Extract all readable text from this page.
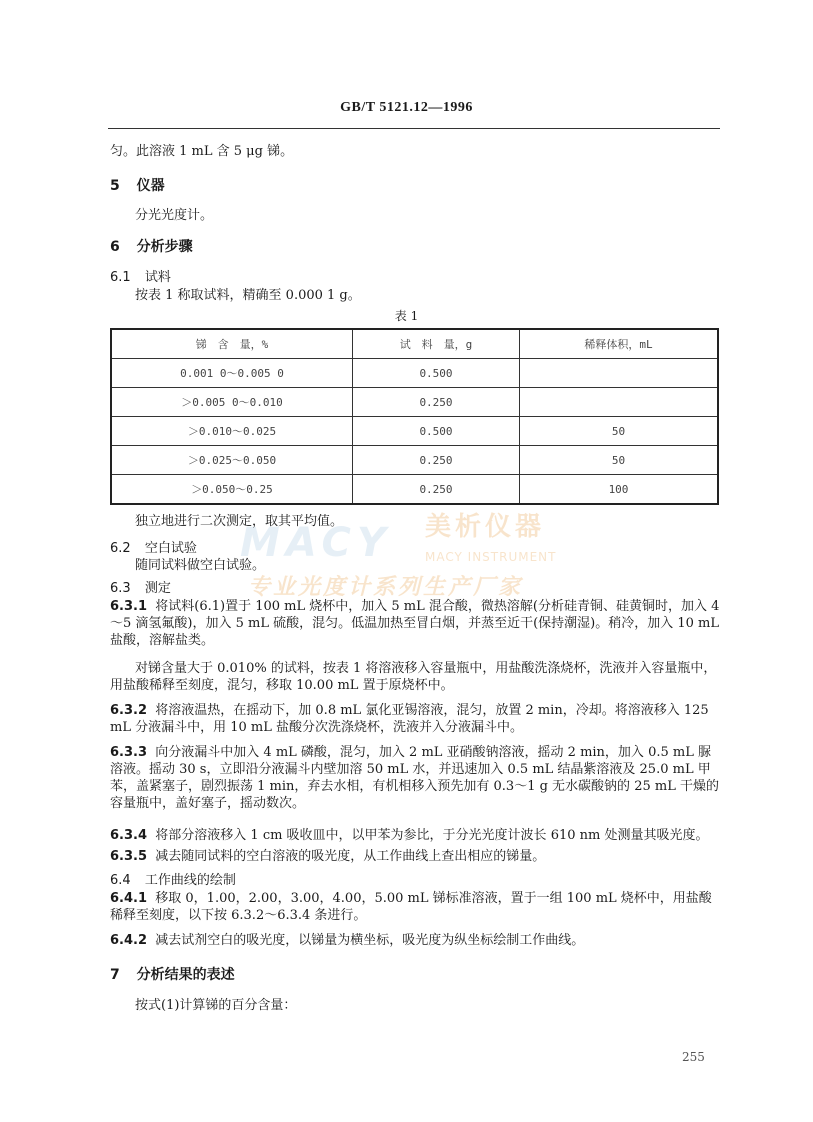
GB/T 5121.12—1996
匀。此溶液 1 mL 含 5 μg 锑。
5 仪器
分光光度计。
6 分析步骤
6.1 试料
按表 1 称取试料，精确至 0.000 1 g。
表 1
锑　含　量，%	试　料　量，g	稀释体积，mL
0.001 0～0.005 0	0.500	
＞0.005 0～0.010	0.250	
＞0.010～0.025	0.500	50
＞0.025～0.050	0.250	50
＞0.050～0.25	0.250	100
独立地进行二次测定，取其平均值。
MACY 美析仪器
MACY INSTRUMENT
专业光度计系列生产厂家
6.2 空白试验
随同试料做空白试验。
6.3 测定
6.3.1 将试料(6.1)置于 100 mL 烧杯中，加入 5 mL 混合酸，微热溶解(分析硅青铜、硅黄铜时，加入 4～5 滴氢氟酸)，加入 5 mL 硫酸，混匀。低温加热至冒白烟，并蒸至近干(保持潮湿)。稍冷，加入 10 mL 盐酸，溶解盐类。
对锑含量大于 0.010% 的试料，按表 1 将溶液移入容量瓶中，用盐酸洗涤烧杯，洗液并入容量瓶中，用盐酸稀释至刻度，混匀，移取 10.00 mL 置于原烧杯中。
6.3.2 将溶液温热，在摇动下，加 0.8 mL 氯化亚锡溶液，混匀，放置 2 min，冷却。将溶液移入 125 mL 分液漏斗中，用 10 mL 盐酸分次洗涤烧杯，洗液并入分液漏斗中。
6.3.3 向分液漏斗中加入 4 mL 磷酸，混匀，加入 2 mL 亚硝酸钠溶液，摇动 2 min，加入 0.5 mL 脲溶液。摇动 30 s，立即沿分液漏斗内壁加溶 50 mL 水，并迅速加入 0.5 mL 结晶紫溶液及 25.0 mL 甲苯，盖紧塞子，剧烈振荡 1 min，弃去水相，有机相移入预先加有 0.3～1 g 无水碳酸钠的 25 mL 干燥的容量瓶中，盖好塞子，摇动数次。
6.3.4 将部分溶液移入 1 cm 吸收皿中，以甲苯为参比，于分光光度计波长 610 nm 处测量其吸光度。
6.3.5 减去随同试料的空白溶液的吸光度，从工作曲线上查出相应的锑量。
6.4 工作曲线的绘制
6.4.1 移取 0，1.00，2.00，3.00，4.00，5.00 mL 锑标准溶液，置于一组 100 mL 烧杯中，用盐酸稀释至刻度，以下按 6.3.2～6.3.4 条进行。
6.4.2 减去试剂空白的吸光度，以锑量为横坐标，吸光度为纵坐标绘制工作曲线。
7 分析结果的表述
按式(1)计算锑的百分含量：
255
